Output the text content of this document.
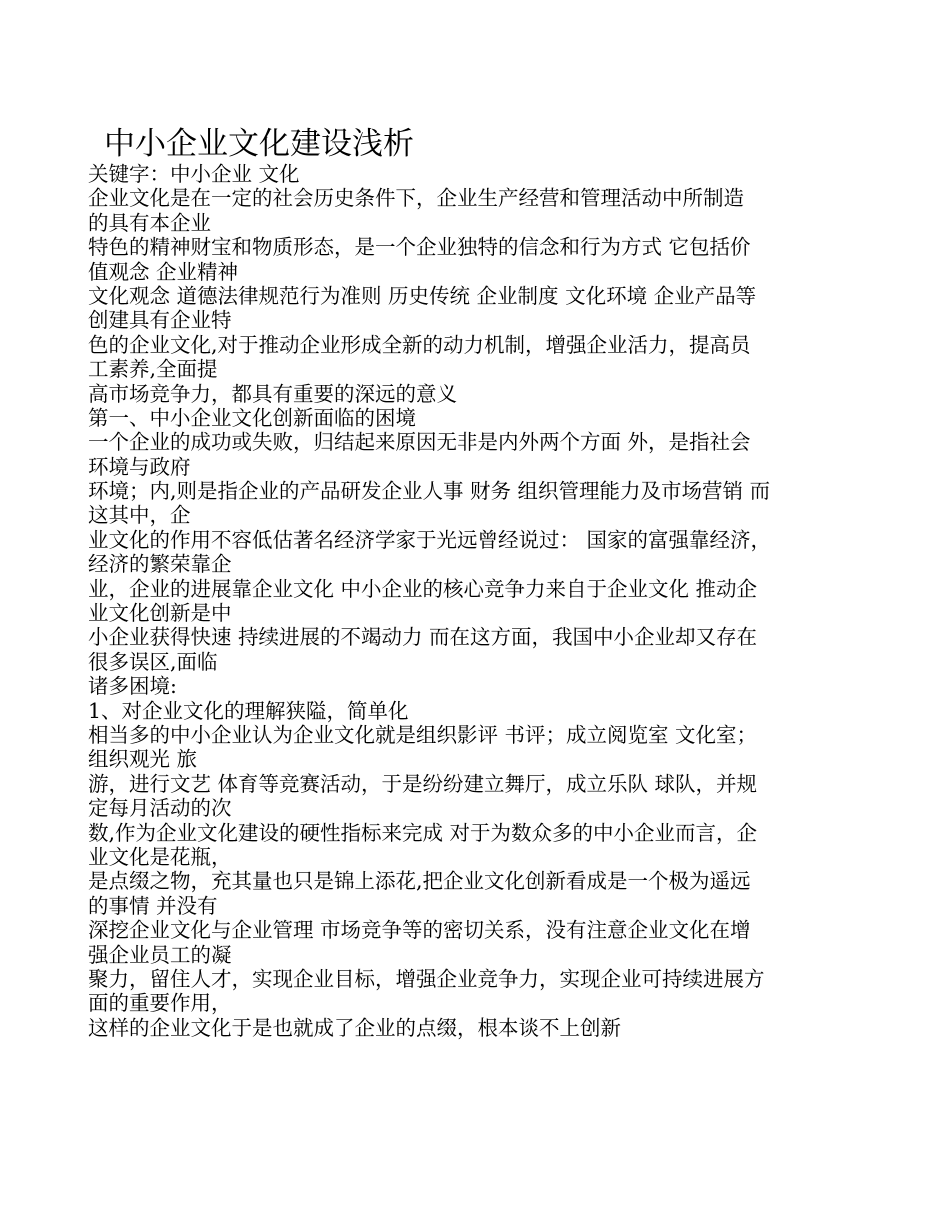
中小企业文化建设浅析
关键字：中小企业 文化
企业文化是在一定的社会历史条件下，企业生产经营和管理活动中所制造
的具有本企业
特色的精神财宝和物质形态，是一个企业独特的信念和行为方式 它包括价
值观念 企业精神
文化观念 道德法律规范行为准则 历史传统 企业制度 文化环境 企业产品等
创建具有企业特
色的企业文化,对于推动企业形成全新的动力机制，增强企业活力，提高员
工素养,全面提
高市场竞争力，都具有重要的深远的意义
第一、中小企业文化创新面临的困境
一个企业的成功或失败，归结起来原因无非是内外两个方面 外，是指社会
环境与政府
环境；内,则是指企业的产品研发企业人事 财务 组织管理能力及市场营销 而
这其中，企
业文化的作用不容低估著名经济学家于光远曾经说过： 国家的富强靠经济，
经济的繁荣靠企
业，企业的进展靠企业文化 中小企业的核心竞争力来自于企业文化 推动企
业文化创新是中
小企业获得快速 持续进展的不竭动力 而在这方面，我国中小企业却又存在
很多误区,面临
诸多困境:
1、对企业文化的理解狭隘，简单化
相当多的中小企业认为企业文化就是组织影评 书评；成立阅览室 文化室；
组织观光 旅
游，进行文艺 体育等竞赛活动，于是纷纷建立舞厅，成立乐队 球队，并规
定每月活动的次
数,作为企业文化建设的硬性指标来完成 对于为数众多的中小企业而言，企
业文化是花瓶，
是点缀之物，充其量也只是锦上添花,把企业文化创新看成是一个极为遥远
的事情 并没有
深挖企业文化与企业管理 市场竞争等的密切关系，没有注意企业文化在增
强企业员工的凝
聚力，留住人才，实现企业目标，增强企业竞争力，实现企业可持续进展方
面的重要作用，
这样的企业文化于是也就成了企业的点缀，根本谈不上创新
